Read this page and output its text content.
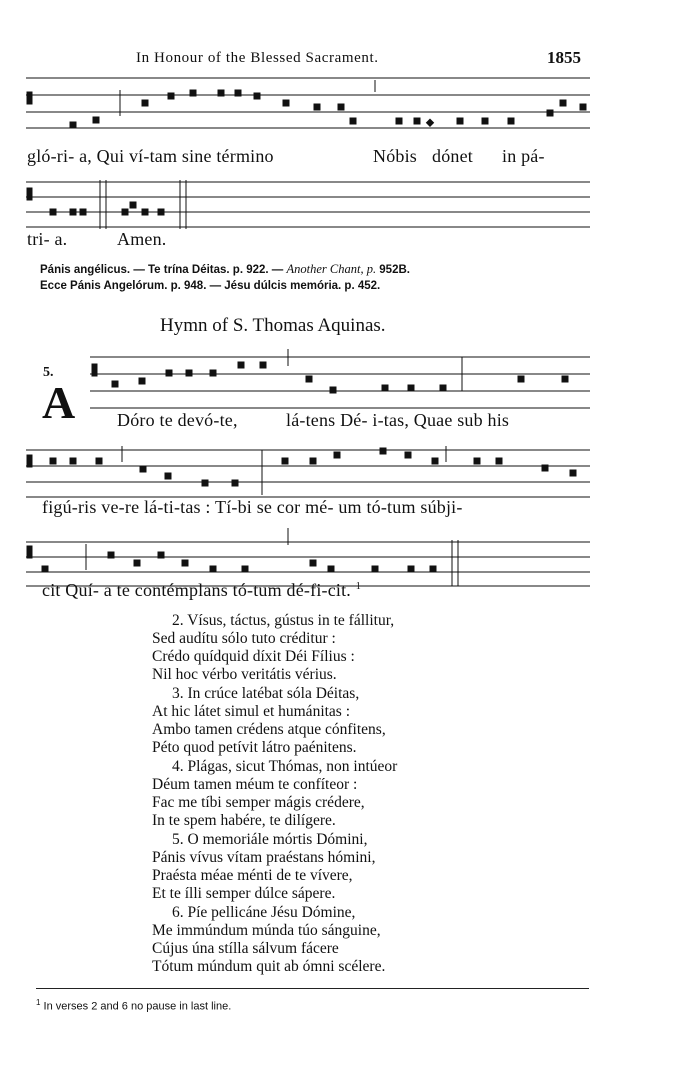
In Honour of the Blessed Sacrament.	1855
gló-ri- a, Qui ví-tam sine término	Nóbis dónet in pá-
tri- a.	Amen.
Pánis angélicus. — Te trína Déitas. p. 922. — Another Chant, p. 952B.
Ecce Pánis Angelórum. p. 948. — Jésu dúlcis memória. p. 452.
Hymn of S. Thomas Aquinas.
5.
A Dóro te devó-te,	lá-tens Dé- i-tas, Quae sub his
figú-ris ve-re lá-ti-tas : Tí-bi se cor mé- um tó-tum súbji-
cit Quí- a te contémplans tó-tum dé-fi-cit. $^1$
2. Vísus, táctus, gústus in te fállitur,
Sed audítu sólo tuto créditur :
Crédo quídquid díxit Déi Fílius :
Nil hoc vérbo veritátis vérius.
3. In crúce latébat sóla Déitas,
At hic látet simul et humánitas :
Ambo tamen crédens atque cónfitens,
Péto quod petívit látro paénitens.
4. Plágas, sicut Thómas, non intúeor
Déum tamen méum te confíteor :
Fac me tíbi semper mágis crédere,
In te spem habére, te dilígere.
5. O memoriále mórtis Dómini,
Pánis vívus vítam praéstans hómini,
Praésta méae ménti de te vívere,
Et te ílli semper dúlce sápere.
6. Píe pellicáne Jésu Dómine,
Me immúndum múnda túo sánguine,
Cújus úna stílla sálvum fácere
Tótum múndum quit ab ómni scélere.
$^1$ In verses 2 and 6 no pause in last line.
